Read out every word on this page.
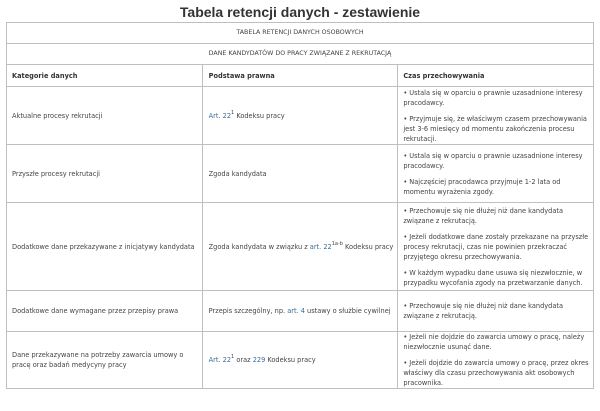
Tabela retencji danych - zestawienie
TABELA RETENCJI DANYCH OSOBOWYCH		
DANE KANDYDATÓW DO PRACY ZWIĄZANE Z REKRUTACJĄ		
Kategorie danych	Podstawa prawna	Czas przechowywania
Aktualne procesy rekrutacji	Art. $22^1$ Kodeksu pracy	• Ustala się w oparciu o prawnie uzasadnione interesy pracodawcy.

• Przyjmuje się, że właściwym czasem przechowywania jest 3-6 miesięcy od momentu zakończenia procesu rekrutacji.

Przyszłe procesy rekrutacji	Zgoda kandydata	• Ustala się w oparciu o prawnie uzasadnione interesy pracodawcy.

• Najczęściej pracodawca przyjmuje 1-2 lata od momentu wyrażenia zgody.

Dodatkowe dane przekazywane z inicjatywy kandydata	Zgoda kandydata w związku z art. $22^{1a-b}$ Kodeksu pracy	• Przechowuje się nie dłużej niż dane kandydata związane z rekrutacją.

• Jeżeli dodatkowe dane zostały przekazane na przyszłe procesy rekrutacji, czas nie powinien przekraczać przyjętego okresu przechowywania.

• W każdym wypadku dane usuwa się niezwłocznie, w przypadku wycofania zgody na przetwarzanie danych.

Dodatkowe dane wymagane przez przepisy prawa	Przepis szczególny, np. art. 4 ustawy o służbie cywilnej	• Przechowuje się nie dłużej niż dane kandydata związane z rekrutacją.

Dane przekazywane na potrzeby zawarcia umowy o pracę oraz badań medycyny pracy	Art. $22^1$ oraz 229 Kodeksu pracy	• Jeżeli nie dojdzie do zawarcia umowy o pracę, należy niezwłocznie usunąć dane.

• Jeżeli dojdzie do zawarcia umowy o pracę, przez okres właściwy dla czasu przechowywania akt osobowych pracownika.
